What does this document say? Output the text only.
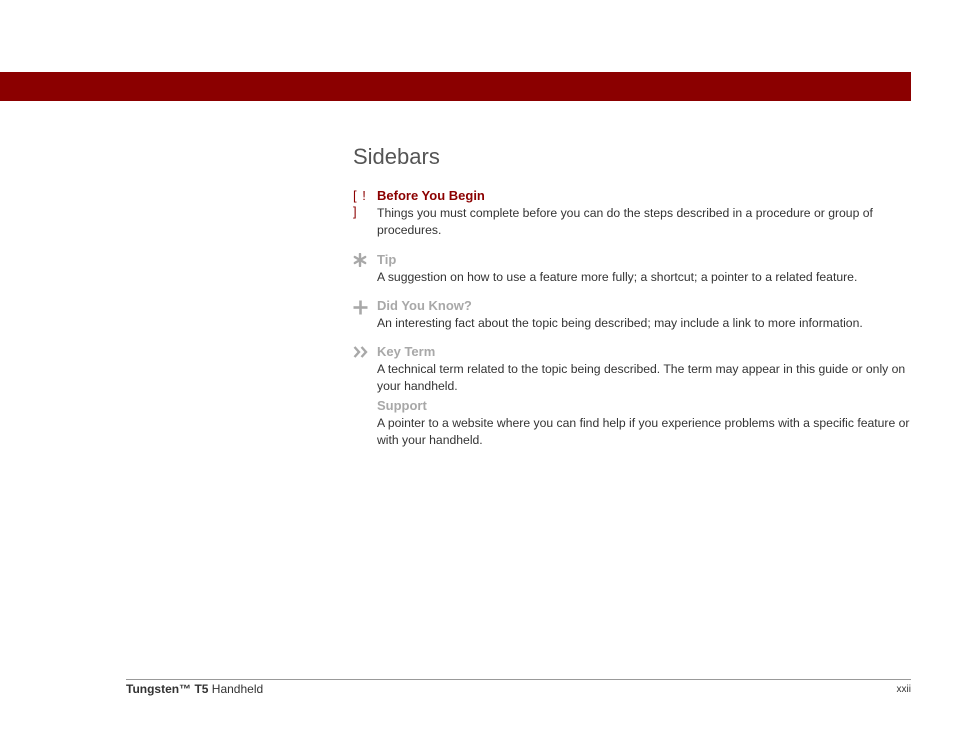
Sidebars
[ ! ]
Before You Begin
Things you must complete before you can do the steps described in a procedure or group of procedures.
Tip
A suggestion on how to use a feature more fully; a shortcut; a pointer to a related feature.
Did You Know?
An interesting fact about the topic being described; may include a link to more information.
Key Term
A technical term related to the topic being described. The term may appear in this guide or only on your handheld.
Support
A pointer to a website where you can find help if you experience problems with a specific feature or with your handheld.
Tungsten™ T5 Handheld	xxii
